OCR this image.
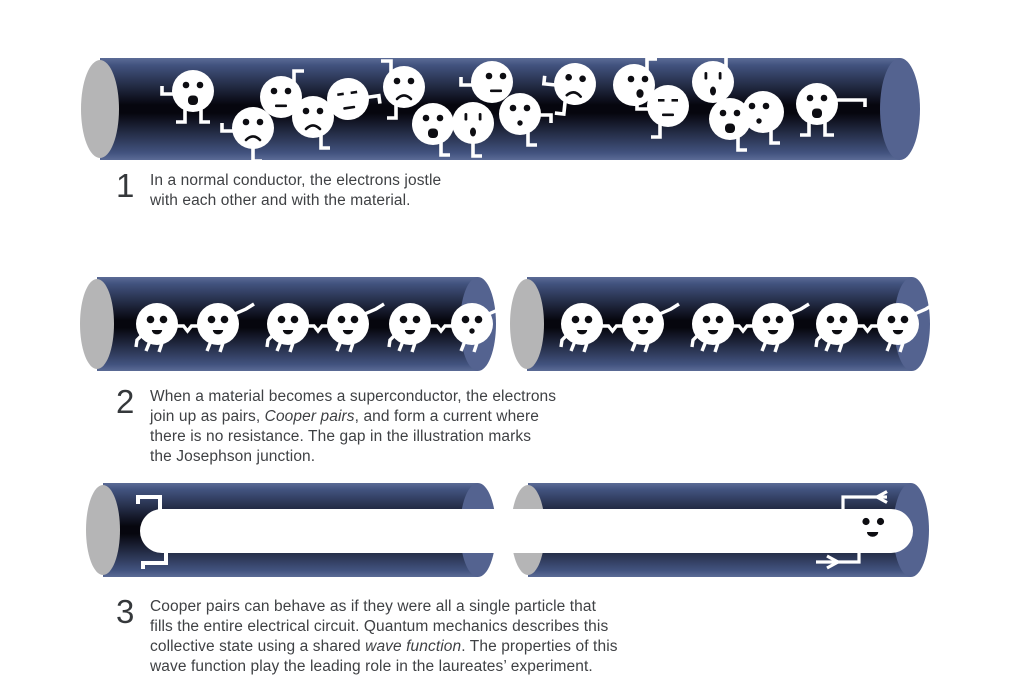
1	In a normal conductor, the electrons jostle
with each other and with the material.
2	When a material becomes a superconductor, the electrons
join up as pairs, Cooper pairs, and form a current where
there is no resistance. The gap in the illustration marks
the Josephson junction.
3	Cooper pairs can behave as if they were all a single particle that
fills the entire electrical circuit. Quantum mechanics describes this
collective state using a shared wave function. The properties of this
wave function play the leading role in the laureates’ experiment.
